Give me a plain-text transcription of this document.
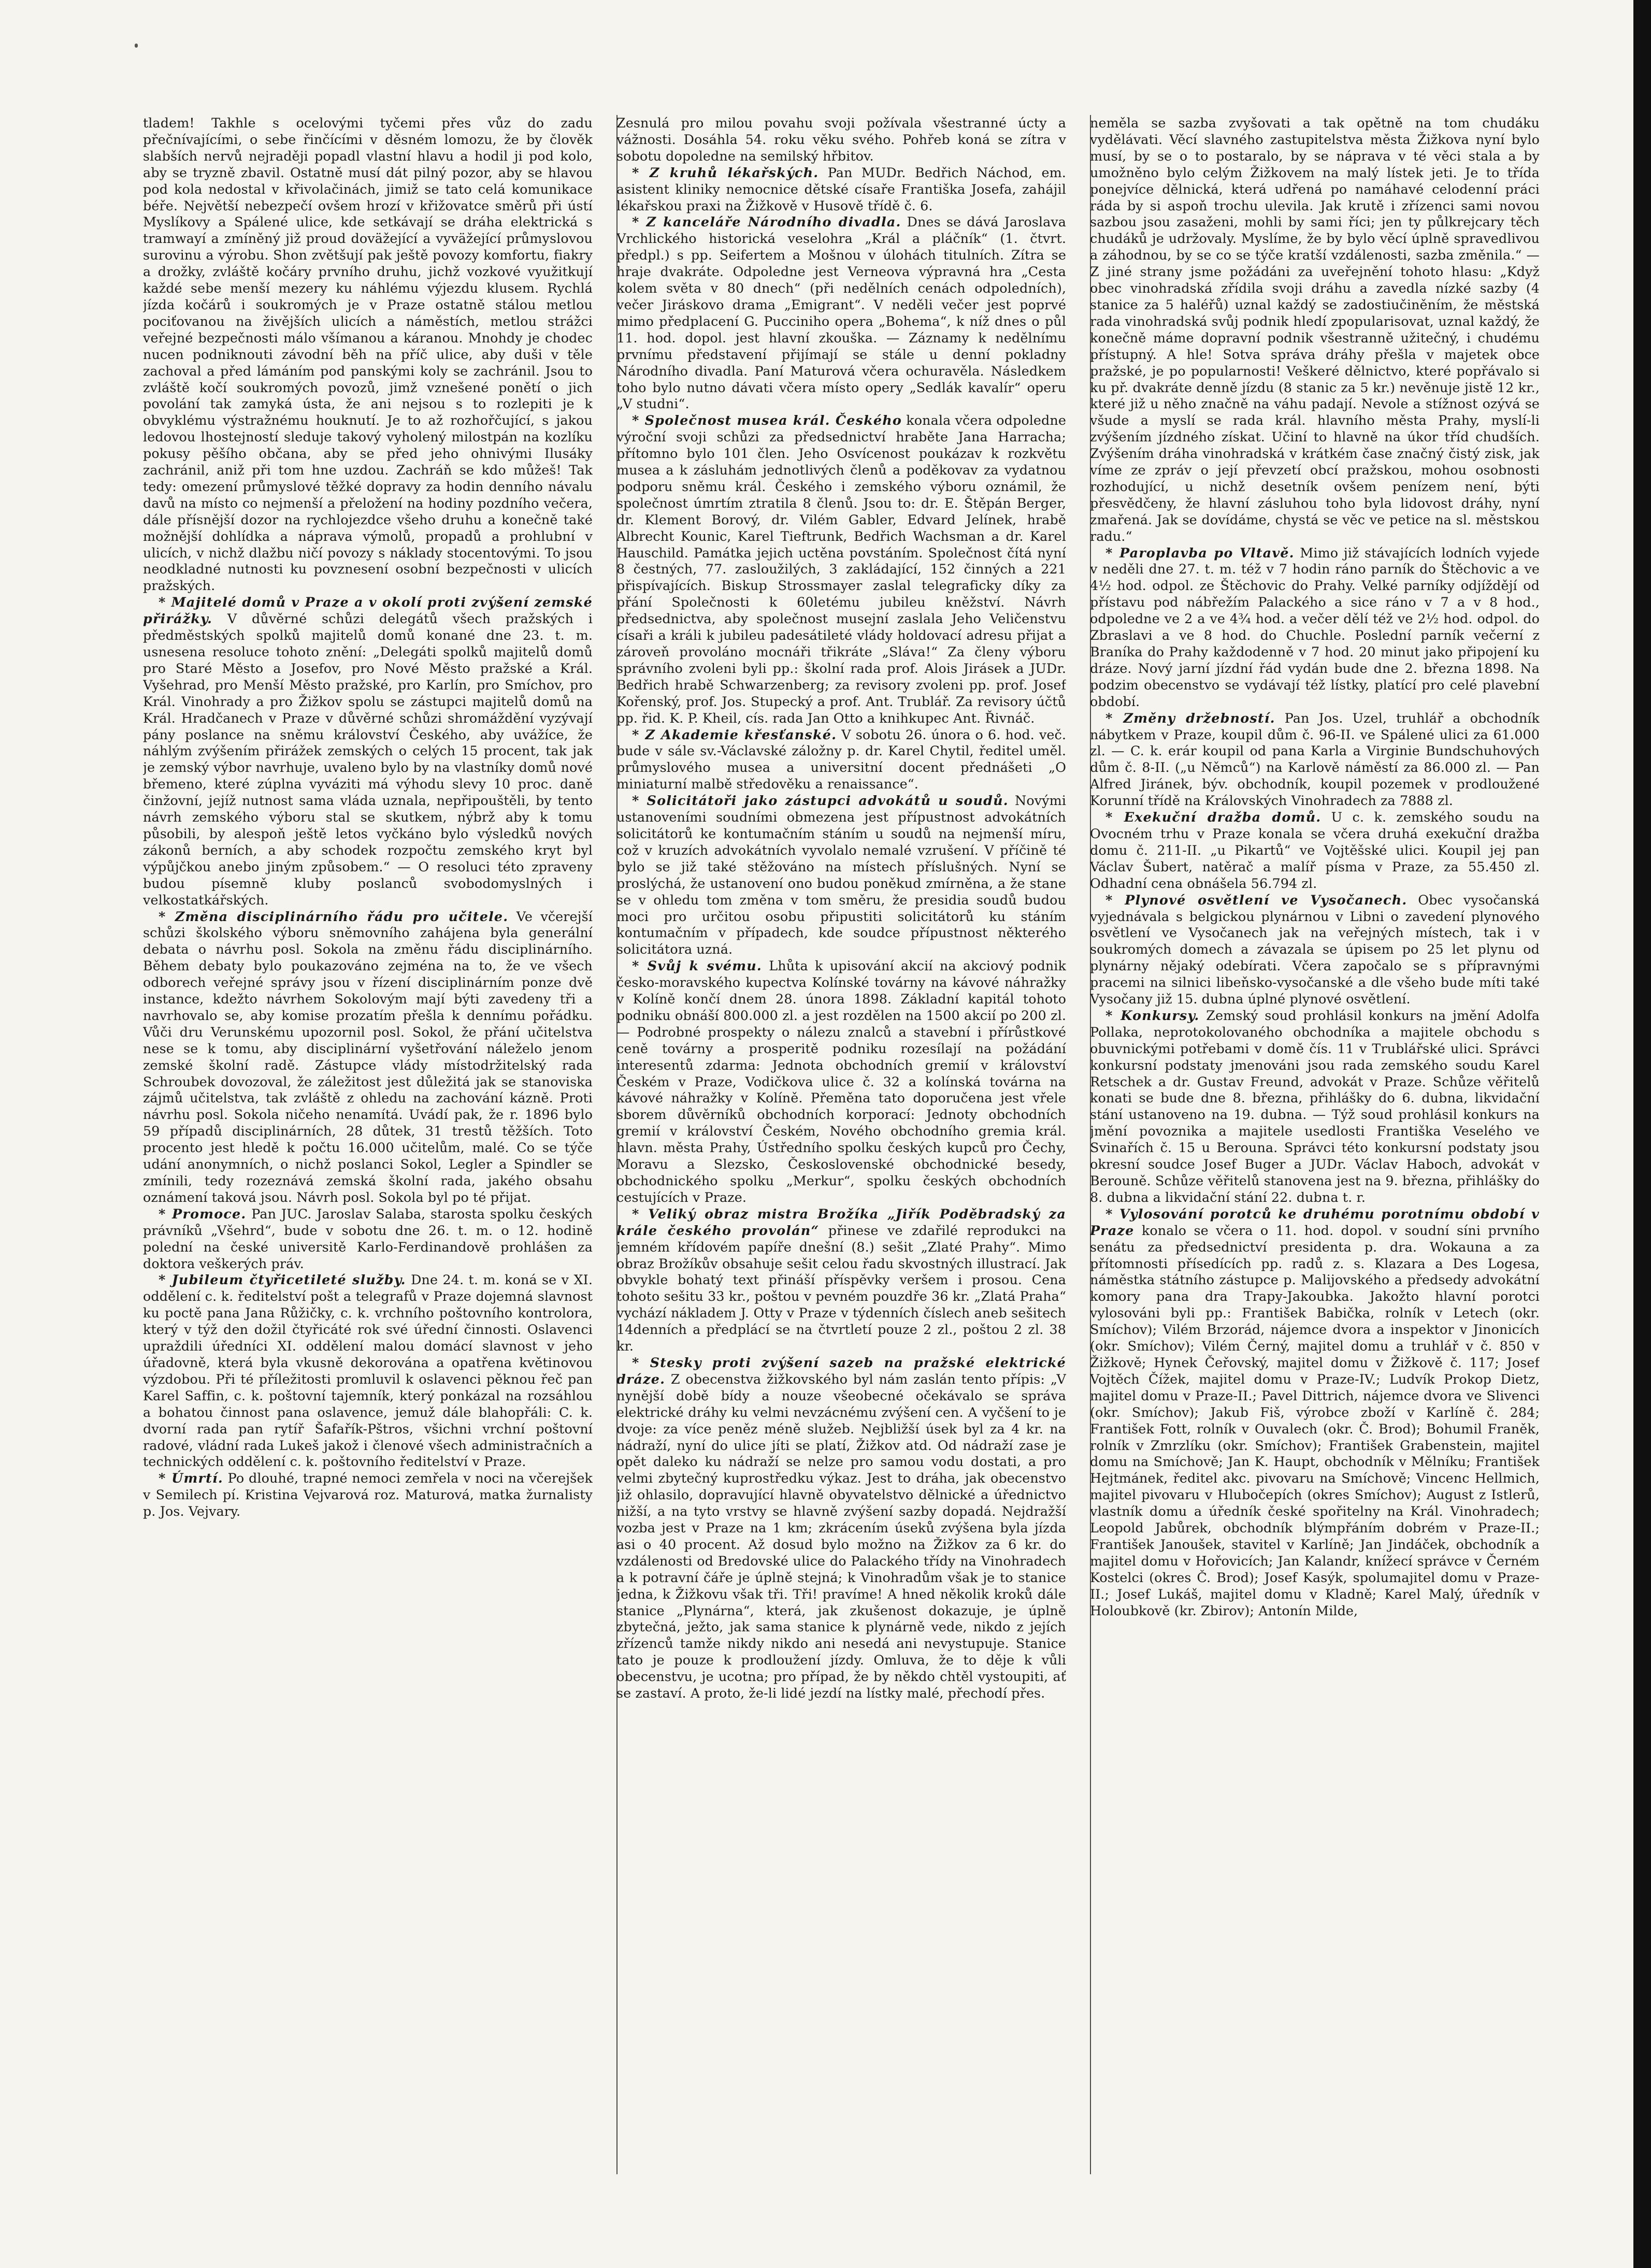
tladem! Takhle s ocelovými tyčemi přes vůz do zadu přečnívajícími, o sebe řinčícími v děsném lomozu, že by člověk slabších nervů nejraději popadl vlastní hlavu a hodil ji pod kolo, aby se tryzně zbavil. Ostatně musí dát pilný pozor, aby se hlavou pod kola nedostal v křivolačinách, jimiž se tato celá komunikace béře. Největší nebezpečí ovšem hrozí v křižovatce směrů při ústí Myslíkovy a Spálené ulice, kde setkávají se dráha elektrická s tramwayí a zmíněný již proud doväžející a vyväžející průmyslovou surovinu a výrobu. Shon zvětšují pak ještě povozy komfortu, fiakry a drožky, zvláště kočáry prvního druhu, jichž vozkové využitkují každé sebe menší mezery ku náhlému výjezdu klusem. Rychlá jízda kočárů i soukromých je v Praze ostatně stálou metlou pociťovanou na živějších ulicích a náměstích, metlou strážci veřejné bezpečnosti málo všímanou a káranou. Mnohdy je chodec nucen podniknouti závodní běh na příč ulice, aby duši v těle zachoval a před lámáním pod panskými koly se zachránil. Jsou to zvláště kočí soukromých povozů, jimž vznešené ponětí o jich povolání tak zamyká ústa, že ani nejsou s to rozlepiti je k obvyklému výstražnému houknutí. Je to až rozhořčující, s jakou ledovou lhostejností sleduje takový vyholený milostpán na kozlíku pokusy pěšího občana, aby se před jeho ohnivými Ilusáky zachránil, aniž při tom hne uzdou. Zachráň se kdo můžeš! Tak tedy: omezení průmyslové těžké dopravy za hodin denního návalu davů na místo co nejmenší a přeložení na hodiny pozdního večera, dále přísnější dozor na rychlojezdce všeho druhu a konečně také možnější dohlídka a náprava výmolů, propadů a prohlubní v ulicích, v nichž dlažbu ničí povozy s náklady stocentovými. To jsou neodkladné nutnosti ku povznesení osobní bezpečnosti v ulicích pražských.

* Majitelé domů v Praze a v okolí proti zvýšení zemské přirážky. V důvěrné schůzi delegátů všech pražských i předměstských spolků majitelů domů konané dne 23. t. m. usnesena resoluce tohoto znění: „Delegáti spolků majitelů domů pro Staré Město a Josefov, pro Nové Město pražské a Král. Vyšehrad, pro Menší Město pražské, pro Karlín, pro Smíchov, pro Král. Vinohrady a pro Žižkov spolu se zástupci majitelů domů na Král. Hradčanech v Praze v důvěrné schůzi shromáždění vyzývají pány poslance na sněmu království Českého, aby uvážíce, že náhlým zvýšením přirážek zemských o celých 15 procent, tak jak je zemský výbor navrhuje, uvaleno bylo by na vlastníky domů nové břemeno, které zúplna vyváziti má výhodu slevy 10 proc. daně činžovní, jejíž nutnost sama vláda uznala, nepřipouštěli, by tento návrh zemského výboru stal se skutkem, nýbrž aby k tomu působili, by alespoň ještě letos vyčkáno bylo výsledků nových zákonů berních, a aby schodek rozpočtu zemského kryt byl výpůjčkou anebo jiným způsobem.“ — O resoluci této zpraveny budou písemně kluby poslanců svobodomyslných i velkostatkářských.

* Změna disciplinárního řádu pro učitele. Ve včerejší schůzi školského výboru sněmovního zahájena byla generální debata o návrhu posl. Sokola na změnu řádu disciplinárního. Během debaty bylo poukazováno zejména na to, že ve všech odborech veřejné správy jsou v řízení disciplinárním ponze dvě instance, kdežto návrhem Sokolovým mají býti zavedeny tři a navrhovalo se, aby komise prozatím přešla k dennímu pořádku. Vůči dru Verunskému upozornil posl. Sokol, že přání učitelstva nese se k tomu, aby disciplinární vyšetřování náleželo jenom zemské školní radě. Zástupce vlády místodržitelský rada Schroubek dovozoval, že záležitost jest důležitá jak se stanoviska zájmů učitelstva, tak zvláště z ohledu na zachování kázně. Proti návrhu posl. Sokola ničeho nenamítá. Uvádí pak, že r. 1896 bylo 59 případů disciplinárních, 28 důtek, 31 trestů těžších. Toto procento jest hledě k počtu 16.000 učitelům, malé. Co se týče udání anonymních, o nichž poslanci Sokol, Legler a Spindler se zmínili, tedy rozeznává zemská školní rada, jakého obsahu oznámení taková jsou. Návrh posl. Sokola byl po té přijat.

* Promoce. Pan JUC. Jaroslav Salaba, starosta spolku českých právníků „Všehrd“, bude v sobotu dne 26. t. m. o 12. hodině polední na české universitě Karlo-Ferdinandově prohlášen za doktora veškerých práv.

* Jubileum čtyřicetileté služby. Dne 24. t. m. koná se v XI. oddělení c. k. ředitelství pošt a telegrafů v Praze dojemná slavnost ku poctě pana Jana Růžičky, c. k. vrchního poštovního kontrolora, který v týž den dožil čtyřicáté rok své úřední činnosti. Oslavenci upraždili úředníci XI. oddělení malou domácí slavnost v jeho úřadovně, která byla vkusně dekorována a opatřena květinovou výzdobou. Při té příležitosti promluvil k oslavenci pěknou řeč pan Karel Saffin, c. k. poštovní tajemník, který ponkázal na rozsáhlou a bohatou činnost pana oslavence, jemuž dále blahopřáli: C. k. dvorní rada pan rytíř Šafařík-Pštros, všichni vrchní poštovní radové, vládní rada Lukeš jakož i členové všech administračních a technických oddělení c. k. poštovního ředitelství v Praze.

* Úmrtí. Po dlouhé, trapné nemoci zemřela v noci na včerejšek v Semilech pí. Kristina Vejvarová roz. Maturová, matka žurnalisty p. Jos. Vejvary.

Zesnulá pro milou povahu svoji požívala všestranné úcty a vážnosti. Dosáhla 54. roku věku svého. Pohřeb koná se zítra v sobotu dopoledne na semilský hřbitov.

* Z kruhů lékařských. Pan MUDr. Bedřich Náchod, em. asistent kliniky nemocnice dětské císaře Františka Josefa, zahájil lékařskou praxi na Žižkově v Husově třídě č. 6.

* Z kanceláře Národního divadla. Dnes se dává Jaroslava Vrchlického historická veselohra „Král a pláčník“ (1. čtvrt. předpl.) s pp. Seifertem a Mošnou v úlohách titulních. Zítra se hraje dvakráte. Odpoledne jest Verneova výpravná hra „Cesta kolem světa v 80 dnech“ (při nedělních cenách odpoledních), večer Jiráskovo drama „Emigrant“. V neděli večer jest poprvé mimo předplacení G. Pucciniho opera „Bohema“, k níž dnes o půl 11. hod. dopol. jest hlavní zkouška. — Záznamy k nedělnímu prvnímu představení přijímají se stále u denní pokladny Národního divadla. Paní Maturová včera ochuravěla. Následkem toho bylo nutno dávati včera místo opery „Sedlák kavalír“ operu „V studni“.

* Společnost musea král. Českého konala včera odpoledne výroční svoji schůzi za předsednictví hraběte Jana Harracha; přítomno bylo 101 člen. Jeho Osvícenost poukázav k rozkvětu musea a k zásluhám jednotlivých členů a poděkovav za vydatnou podporu sněmu král. Českého i zemského výboru oznámil, že společnost úmrtím ztratila 8 členů. Jsou to: dr. E. Štěpán Berger, dr. Klement Borový, dr. Vilém Gabler, Edvard Jelínek, hrabě Albrecht Kounic, Karel Tieftrunk, Bedřich Wachsman a dr. Karel Hauschild. Památka jejich uctěna povstáním. Společnost čítá nyní 8 čestných, 77. zasloužilých, 3 zakládající, 152 činných a 221 přispívajících. Biskup Strossmayer zaslal telegraficky díky za přání Společnosti k 60letému jubileu kněžství. Návrh předsednictva, aby společnost musejní zaslala Jeho Veličenstvu císaři a králi k jubileu padesátileté vlády holdovací adresu přijat a zároveň provoláno mocnáři třikráte „Sláva!“ Za členy výboru správního zvoleni byli pp.: školní rada prof. Alois Jirásek a JUDr. Bedřich hrabě Schwarzenberg; za revisory zvoleni pp. prof. Josef Kořenský, prof. Jos. Stupecký a prof. Ant. Trublář. Za revisory účtů pp. řid. K. P. Kheil, cís. rada Jan Otto a knihkupec Ant. Řivnáč.

* Z Akademie křesťanské. V sobotu 26. února o 6. hod. več. bude v sále sv.-Václavské záložny p. dr. Karel Chytil, ředitel uměl. průmyslového musea a universitní docent přednášeti „O miniaturní malbě středověku a renaissance“.

* Solicitátoři jako zástupci advokátů u soudů. Novými ustanoveními soudními obmezena jest přípustnost advokátních solicitátorů ke kontumačním stáním u soudů na nejmenší míru, což v kruzích advokátních vyvolalo nemalé vzrušení. V příčině té bylo se již také stěžováno na místech příslušných. Nyní se proslýchá, že ustanovení ono budou poněkud zmírněna, a že stane se v ohledu tom změna v tom směru, že presidia soudů budou moci pro určitou osobu připustiti solicitátorů ku stáním kontumačním v případech, kde soudce přípustnost některého solicitátora uzná.

* Svůj k svému. Lhůta k upisování akcií na akciový podnik česko-moravského kupectva Kolínské továrny na kávové náhražky v Kolíně končí dnem 28. února 1898. Základní kapitál tohoto podniku obnáší 800.000 zl. a jest rozdělen na 1500 akcií po 200 zl. — Podrobné prospekty o nálezu znalců a stavební i přírůstkové ceně továrny a prosperitě podniku rozesílají na požádání interesentů zdarma: Jednota obchodních gremií v království Českém v Praze, Vodičkova ulice č. 32 a kolínská továrna na kávové náhražky v Kolíně. Přeměna tato doporučena jest vřele sborem důvěrníků obchodních korporací: Jednoty obchodních gremií v království Českém, Nového obchodního gremia král. hlavn. města Prahy, Ústředního spolku českých kupců pro Čechy, Moravu a Slezsko, Československé obchodnické besedy, obchodnického spolku „Merkur“, spolku českých obchodních cestujících v Praze.

* Veliký obraz mistra Brožíka „Jiřík Poděbradský za krále českého provolán“ přinese ve zdařilé reprodukci na jemném křídovém papíře dnešní (8.) sešit „Zlaté Prahy“. Mimo obraz Brožíkův obsahuje sešit celou řadu skvostných illustrací. Jak obvykle bohatý text přináší příspěvky veršem i prosou. Cena tohoto sešitu 33 kr., poštou v pevném pouzdře 36 kr. „Zlatá Praha“ vychází nákladem J. Otty v Praze v týdenních číslech aneb sešitech 14denních a předplácí se na čtvrtletí pouze 2 zl., poštou 2 zl. 38 kr.

* Stesky proti zvýšení sazeb na pražské elektrické dráze. Z obecenstva žižkovského byl nám zaslán tento přípis: „V nynější době bídy a nouze všeobecné očekávalo se správa elektrické dráhy ku velmi nevzácnému zvýšení cen. A vyčšení to je dvoje: za více peněz méně služeb. Nejbližší úsek byl za 4 kr. na nádraží, nyní do ulice jíti se platí, Žižkov atd. Od nádraží zase je opět daleko ku nádraží se nelze pro samou vodu dostati, a pro velmi zbytečný kuprostředku výkaz. Jest to dráha, jak obecenstvo již ohlasilo, dopravující hlavně obyvatelstvo dělnické a úřednictvo nižší, a na tyto vrstvy se hlavně zvýšení sazby dopadá. Nejdražší vozba jest v Praze na 1 km; zkrácením úseků zvýšena byla jízda asi o 40 procent. Až dosud bylo možno na Žižkov za 6 kr. do vzdálenosti od Bredovské ulice do Palackého třídy na Vinohradech a k potravní čáře je úplně stejná; k Vinohradům však je to stanice jedna, k Žižkovu však tři. Tři! pravíme! A hned několik kroků dále stanice „Plynárna“, která, jak zkušenost dokazuje, je úplně zbytečná, ježto, jak sama stanice k plynárně vede, nikdo z jejích zřízenců tamže nikdy nikdo ani nesedá ani nevystupuje. Stanice tato je pouze k prodloužení jízdy. Omluva, že to děje k vůli obecenstvu, je ucotna; pro případ, že by někdo chtěl vystoupiti, ať se zastaví. A proto, že-li lidé jezdí na lístky malé, přechodí přes.

neměla se sazba zvyšovati a tak opětně na tom chudáku vydělávati. Věcí slavného zastupitelstva města Žižkova nyní bylo musí, by se o to postaralo, by se náprava v té věci stala a by umožněno bylo celým Žižkovem na malý lístek jeti. Je to třída ponejvíce dělnická, která udřená po namáhavé celodenní práci ráda by si aspoň trochu ulevila. Jak krutě i zřízenci sami novou sazbou jsou zasaženi, mohli by sami říci; jen ty půlkrejcary těch chudáků je udržovaly. Myslíme, že by bylo věcí úplně spravedlivou a záhodnou, by se co se týče kratší vzdálenosti, sazba změnila.“ — Z jiné strany jsme požádáni za uveřejnění tohoto hlasu: „Když obec vinohradská zřídila svoji dráhu a zavedla nízké sazby (4 stanice za 5 haléřů) uznal každý se zadostiučiněním, že městská rada vinohradská svůj podnik hledí zpopularisovat, uznal každý, že konečně máme dopravní podnik všestranně užitečný, i chudému přístupný. A hle! Sotva správa dráhy přešla v majetek obce pražské, je po popularnosti! Veškeré dělnictvo, které popřávalo si ku př. dvakráte denně jízdu (8 stanic za 5 kr.) nevěnuje jistě 12 kr., které již u něho značně na váhu padají. Nevole a stížnost ozývá se všude a myslí se rada král. hlavního města Prahy, myslí-li zvýšením jízdného získat. Učiní to hlavně na úkor tříd chudších. Zvýšením dráha vinohradská v krátkém čase značný čistý zisk, jak víme ze zpráv o její převzetí obcí pražskou, mohou osobnosti rozhodující, u nichž desetník ovšem penízem není, býti přesvědčeny, že hlavní zásluhou toho byla lidovost dráhy, nyní zmařená. Jak se dovídáme, chystá se věc ve petice na sl. městskou radu.“

* Paroplavba po Vltavě. Mimo již stávajících lodních vyjede v neděli dne 27. t. m. též v 7 hodin ráno parník do Štěchovic a ve 4½ hod. odpol. ze Štěchovic do Prahy. Velké parníky odjíždějí od přístavu pod nábřežím Palackého a sice ráno v 7 a v 8 hod., odpoledne ve 2 a ve 4¾ hod. a večer dělí též ve 2½ hod. odpol. do Zbraslavi a ve 8 hod. do Chuchle. Poslední parník večerní z Braníka do Prahy každodenně v 7 hod. 20 minut jako připojení ku dráze. Nový jarní jízdní řád vydán bude dne 2. března 1898. Na podzim obecenstvo se vydávají též lístky, platící pro celé plavební období.

* Změny držebností. Pan Jos. Uzel, truhlář a obchodník nábytkem v Praze, koupil dům č. 96-II. ve Spálené ulici za 61.000 zl. — C. k. erár koupil od pana Karla a Virginie Bundschuhových dům č. 8-II. („u Němců“) na Karlově náměstí za 86.000 zl. — Pan Alfred Jiránek, býv. obchodník, koupil pozemek v prodloužené Korunní třídě na Královských Vinohradech za 7888 zl.

* Exekuční dražba domů. U c. k. zemského soudu na Ovocném trhu v Praze konala se včera druhá exekuční dražba domu č. 211-II. „u Pikartů“ ve Vojtěšské ulici. Koupil jej pan Václav Šubert, natěrač a malíř písma v Praze, za 55.450 zl. Odhadní cena obnášela 56.794 zl.

* Plynové osvětlení ve Vysočanech. Obec vysočanská vyjednávala s belgickou plynárnou v Libni o zavedení plynového osvětlení ve Vysočanech jak na veřejných místech, tak i v soukromých domech a závazala se úpisem po 25 let plynu od plynárny nějaký odebírati. Včera započalo se s přípravnými pracemi na silnici libeňsko-vysočanské a dle všeho bude míti také Vysočany již 15. dubna úplné plynové osvětlení.

* Konkursy. Zemský soud prohlásil konkurs na jmění Adolfa Pollaka, neprotokolovaného obchodníka a majitele obchodu s obuvnickými potřebami v domě čís. 11 v Trublářské ulici. Správci konkursní podstaty jmenováni jsou rada zemského soudu Karel Retschek a dr. Gustav Freund, advokát v Praze. Schůze věřitelů konati se bude dne 8. března, přihlášky do 6. dubna, likvidační stání ustanoveno na 19. dubna. — Týž soud prohlásil konkurs na jmění povoznika a majitele usedlosti Františka Veselého ve Svinařích č. 15 u Berouna. Správci této konkursní podstaty jsou okresní soudce Josef Buger a JUDr. Václav Haboch, advokát v Berouně. Schůze věřitelů stanovena jest na 9. března, přihlášky do 8. dubna a likvidační stání 22. dubna t. r.

* Vylosování porotců ke druhému porotnímu období v Praze konalo se včera o 11. hod. dopol. v soudní síni prvního senátu za předsednictví presidenta p. dra. Wokauna a za přítomnosti přísedících pp. radů z. s. Klazara a Des Logesa, náměstka státního zástupce p. Malijovského a předsedy advokátní komory pana dra Trapy-Jakoubka. Jakožto hlavní porotci vylosováni byli pp.: František Babička, rolník v Letech (okr. Smíchov); Vilém Brzorád, nájemce dvora a inspektor v Jinonicích (okr. Smíchov); Vilém Černý, majitel domu a truhlář v č. 850 v Žižkově; Hynek Čeřovský, majitel domu v Žižkově č. 117; Josef Vojtěch Čížek, majitel domu v Praze-IV.; Ludvík Prokop Dietz, majitel domu v Praze-II.; Pavel Dittrich, nájemce dvora ve Slivenci (okr. Smíchov); Jakub Fiš, výrobce zboží v Karlíně č. 284; František Fott, rolník v Ouvalech (okr. Č. Brod); Bohumil Franěk, rolník v Zmrzlíku (okr. Smíchov); František Grabenstein, majitel domu na Smíchově; Jan K. Haupt, obchodník v Mělníku; František Hejtmánek, ředitel akc. pivovaru na Smíchově; Vincenc Hellmich, majitel pivovaru v Hlubočepích (okres Smíchov); August z Istlerů, vlastník domu a úředník české spořitelny na Král. Vinohradech; Leopold Jabůrek, obchodník blýmpřáním dobrém v Praze-II.; František Janoušek, stavitel v Karlíně; Jan Jindáček, obchodník a majitel domu v Hořovicích; Jan Kalandr, knížecí správce v Černém Kostelci (okres Č. Brod); Josef Kasýk, spolumajitel domu v Praze-II.; Josef Lukáš, majitel domu v Kladně; Karel Malý, úředník v Holoubkově (kr. Zbirov); Antonín Milde,
